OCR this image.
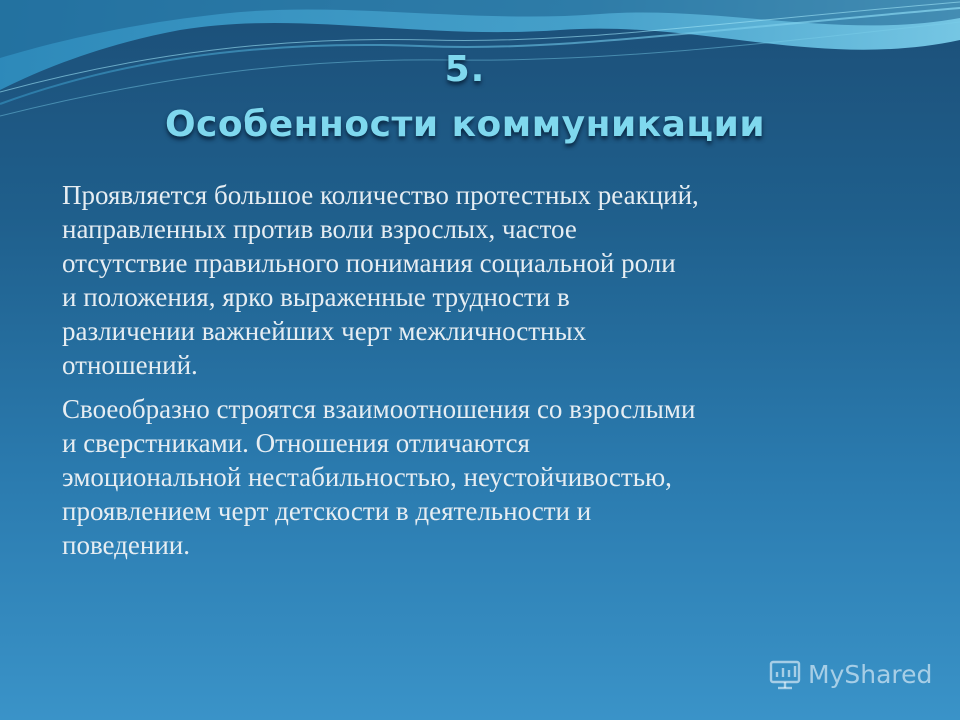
5.
Особенности коммуникации

Проявляется большое количество протестных реакций,
направленных против воли взрослых, частое
отсутствие правильного понимания социальной роли
и положения, ярко выраженные трудности в
различении важнейших черт межличностных
отношений.

Своеобразно строятся взаимоотношения со взрослыми
и сверстниками. Отношения отличаются
эмоциональной нестабильностью, неустойчивостью,
проявлением черт детскости в деятельности и
поведении.

MyShared
